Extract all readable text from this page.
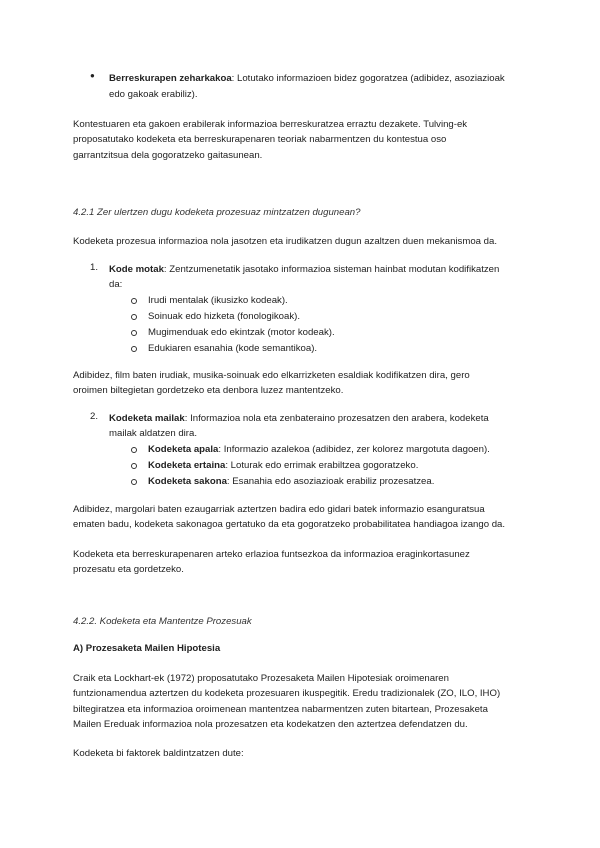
● Berreskurapen zeharkakoa: Lotutako informazioen bidez gogoratzea (adibidez, asoziazioak

edo gakoak erabiliz).

Kontestuaren eta gakoen erabilerak informazioa berreskuratzea erraztu dezakete. Tulving-ek

proposatutako kodeketa eta berreskurapenaren teoriak nabarmentzen du kontestua oso

garrantzitsua dela gogoratzeko gaitasunean.

4.2.1 Zer ulertzen dugu kodeketa prozesuaz mintzatzen dugunean?

Kodeketa prozesua informazioa nola jasotzen eta irudikatzen dugun azaltzen duen mekanismoa da.

1. Kode motak: Zentzumenetatik jasotako informazioa sisteman hainbat modutan kodifikatzen

da:

Irudi mentalak (ikusizko kodeak).

Soinuak edo hizketa (fonologikoak).

Mugimenduak edo ekintzak (motor kodeak).

Edukiaren esanahia (kode semantikoa).

Adibidez, film baten irudiak, musika-soinuak edo elkarrizketen esaldiak kodifikatzen dira, gero

oroimen biltegietan gordetzeko eta denbora luzez mantentzeko.

2. Kodeketa mailak: Informazioa nola eta zenbateraino prozesatzen den arabera, kodeketa

mailak aldatzen dira.

Kodeketa apala: Informazio azalekoa (adibidez, zer kolorez margotuta dagoen).

Kodeketa ertaina: Loturak edo errimak erabiltzea gogoratzeko.

Kodeketa sakona: Esanahia edo asoziazioak erabiliz prozesatzea.

Adibidez, margolari baten ezaugarriak aztertzen badira edo gidari batek informazio esanguratsua

ematen badu, kodeketa sakonagoa gertatuko da eta gogoratzeko probabilitatea handiagoa izango da.

Kodeketa eta berreskurapenaren arteko erlazioa funtsezkoa da informazioa eraginkortasunez

prozesatu eta gordetzeko.

4.2.2. Kodeketa eta Mantentze Prozesuak

A) Prozesaketa Mailen Hipotesia

Craik eta Lockhart-ek (1972) proposatutako Prozesaketa Mailen Hipotesiak oroimenaren

funtzionamendua aztertzen du kodeketa prozesuaren ikuspegitik. Eredu tradizionalek (ZO, ILO, IHO)

biltegiratzea eta informazioa oroimenean mantentzea nabarmentzen zuten bitartean, Prozesaketa

Mailen Ereduak informazioa nola prozesatzen eta kodekatzen den aztertzea defendatzen du.

Kodeketa bi faktorek baldintzatzen dute:
